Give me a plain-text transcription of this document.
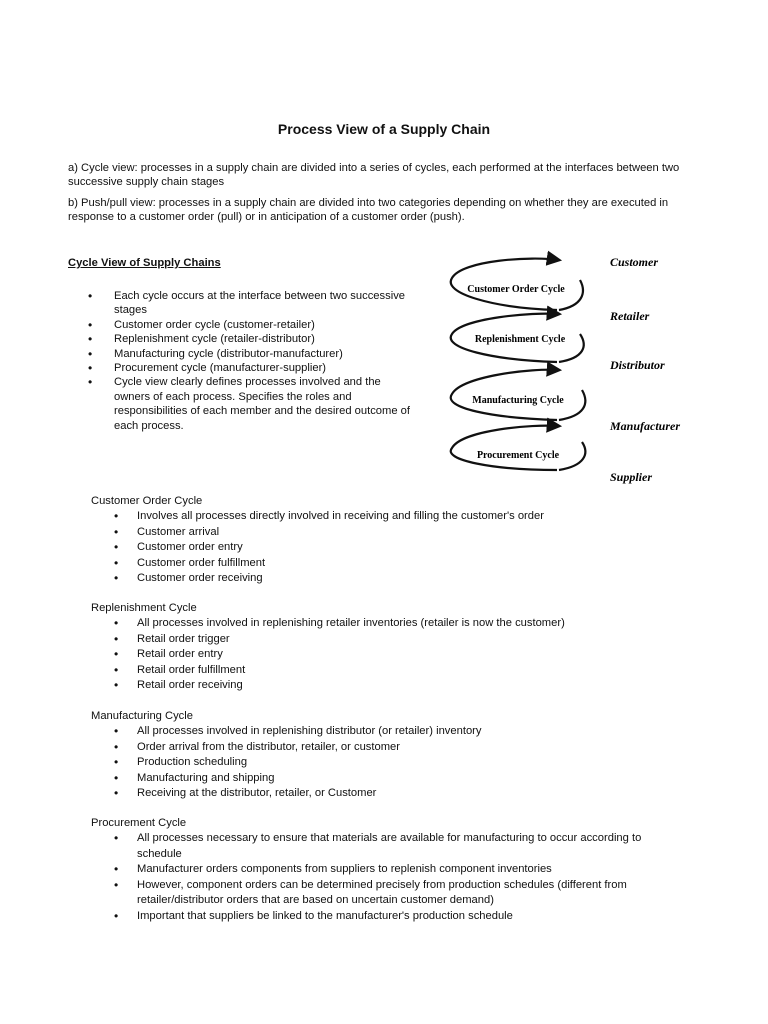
Process View of a Supply Chain
a) Cycle view: processes in a supply chain are divided into a series of cycles, each performed at the interfaces between two successive supply chain stages
b) Push/pull view: processes in a supply chain are divided into two categories depending on whether they are executed in response to a customer order (pull) or in anticipation of a customer order (push).
Cycle View of Supply Chains
• Each cycle occurs at the interface between two successive stages
• Customer order cycle (customer-retailer)
• Replenishment cycle (retailer-distributor)
• Manufacturing cycle (distributor-manufacturer)
• Procurement cycle (manufacturer-supplier)
• Cycle view clearly defines processes involved and the owners of each process. Specifies the roles and responsibilities of each member and the desired outcome of each process.
Customer Order Cycle
Replenishment Cycle
Manufacturing Cycle
Procurement Cycle
Customer
Retailer
Distributor
Manufacturer
Supplier
Customer Order Cycle
• Involves all processes directly involved in receiving and filling the customer's order
• Customer arrival
• Customer order entry
• Customer order fulfillment
• Customer order receiving
Replenishment Cycle
• All processes involved in replenishing retailer inventories (retailer is now the customer)
• Retail order trigger
• Retail order entry
• Retail order fulfillment
• Retail order receiving
Manufacturing Cycle
• All processes involved in replenishing distributor (or retailer) inventory
• Order arrival from the distributor, retailer, or customer
• Production scheduling
• Manufacturing and shipping
• Receiving at the distributor, retailer, or Customer
Procurement Cycle
• All processes necessary to ensure that materials are available for manufacturing to occur according to schedule
• Manufacturer orders components from suppliers to replenish component inventories
• However, component orders can be determined precisely from production schedules (different from retailer/distributor orders that are based on uncertain customer demand)
• Important that suppliers be linked to the manufacturer's production schedule
